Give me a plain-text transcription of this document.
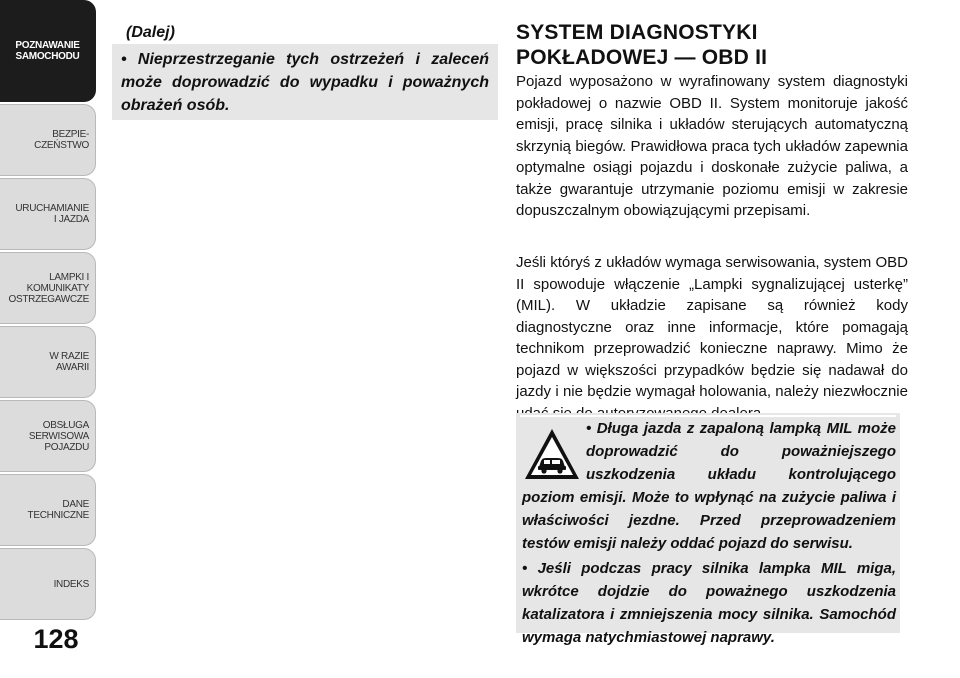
POZNAWANIE
SAMOCHODU
BEZPIE-
CZEŃSTWO
URUCHAMIANIE
I JAZDA
LAMPKI I
KOMUNIKATY
OSTRZEGAWCZE
W RAZIE
AWARII
OBSŁUGA
SERWISOWA
POJAZDU
DANE
TECHNICZNE
INDEKS
128
(Dalej)
• Nieprzestrzeganie tych ostrzeżeń i zaleceń może doprowadzić do wypadku i poważnych obrażeń osób.
SYSTEM DIAGNOSTYKI
POKŁADOWEJ — OBD II

Pojazd wyposażono w wyrafinowany system diagnostyki pokładowej o nazwie OBD II. System monitoruje jakość emisji, pracę silnika i układów sterujących automatyczną skrzynią biegów. Prawidłowa praca tych układów zapewnia optymalne osiągi pojazdu i doskonałe zużycie paliwa, a także gwarantuje utrzymanie poziomu emisji w zakresie dopuszczalnym obowiązującymi przepisami.

Jeśli któryś z układów wymaga serwisowania, system OBD II spowoduje włączenie „Lampki sygnalizującej usterkę” (MIL). W układzie zapisane są również kody diagnostyczne oraz inne informacje, które pomagają technikom przeprowadzić konieczne naprawy. Mimo że pojazd w większości przypadków będzie się nadawał do jazdy i nie będzie wymagał holowania, należy niezwłocznie

• Długa jazda z zapaloną lampką MIL może doprowadzić do poważniejszego uszkodzenia układu kontrolującego poziom emisji. Może to wpłynąć na zużycie paliwa i właściwości jezdne. Przed przeprowadzeniem testów emisji należy oddać pojazd do serwisu.

• Jeśli podczas pracy silnika lampka MIL miga, wkrótce dojdzie do poważnego uszkodzenia katalizatora i zmniejszenia mocy silnika. Samochód wymaga natychmiastowej naprawy.
